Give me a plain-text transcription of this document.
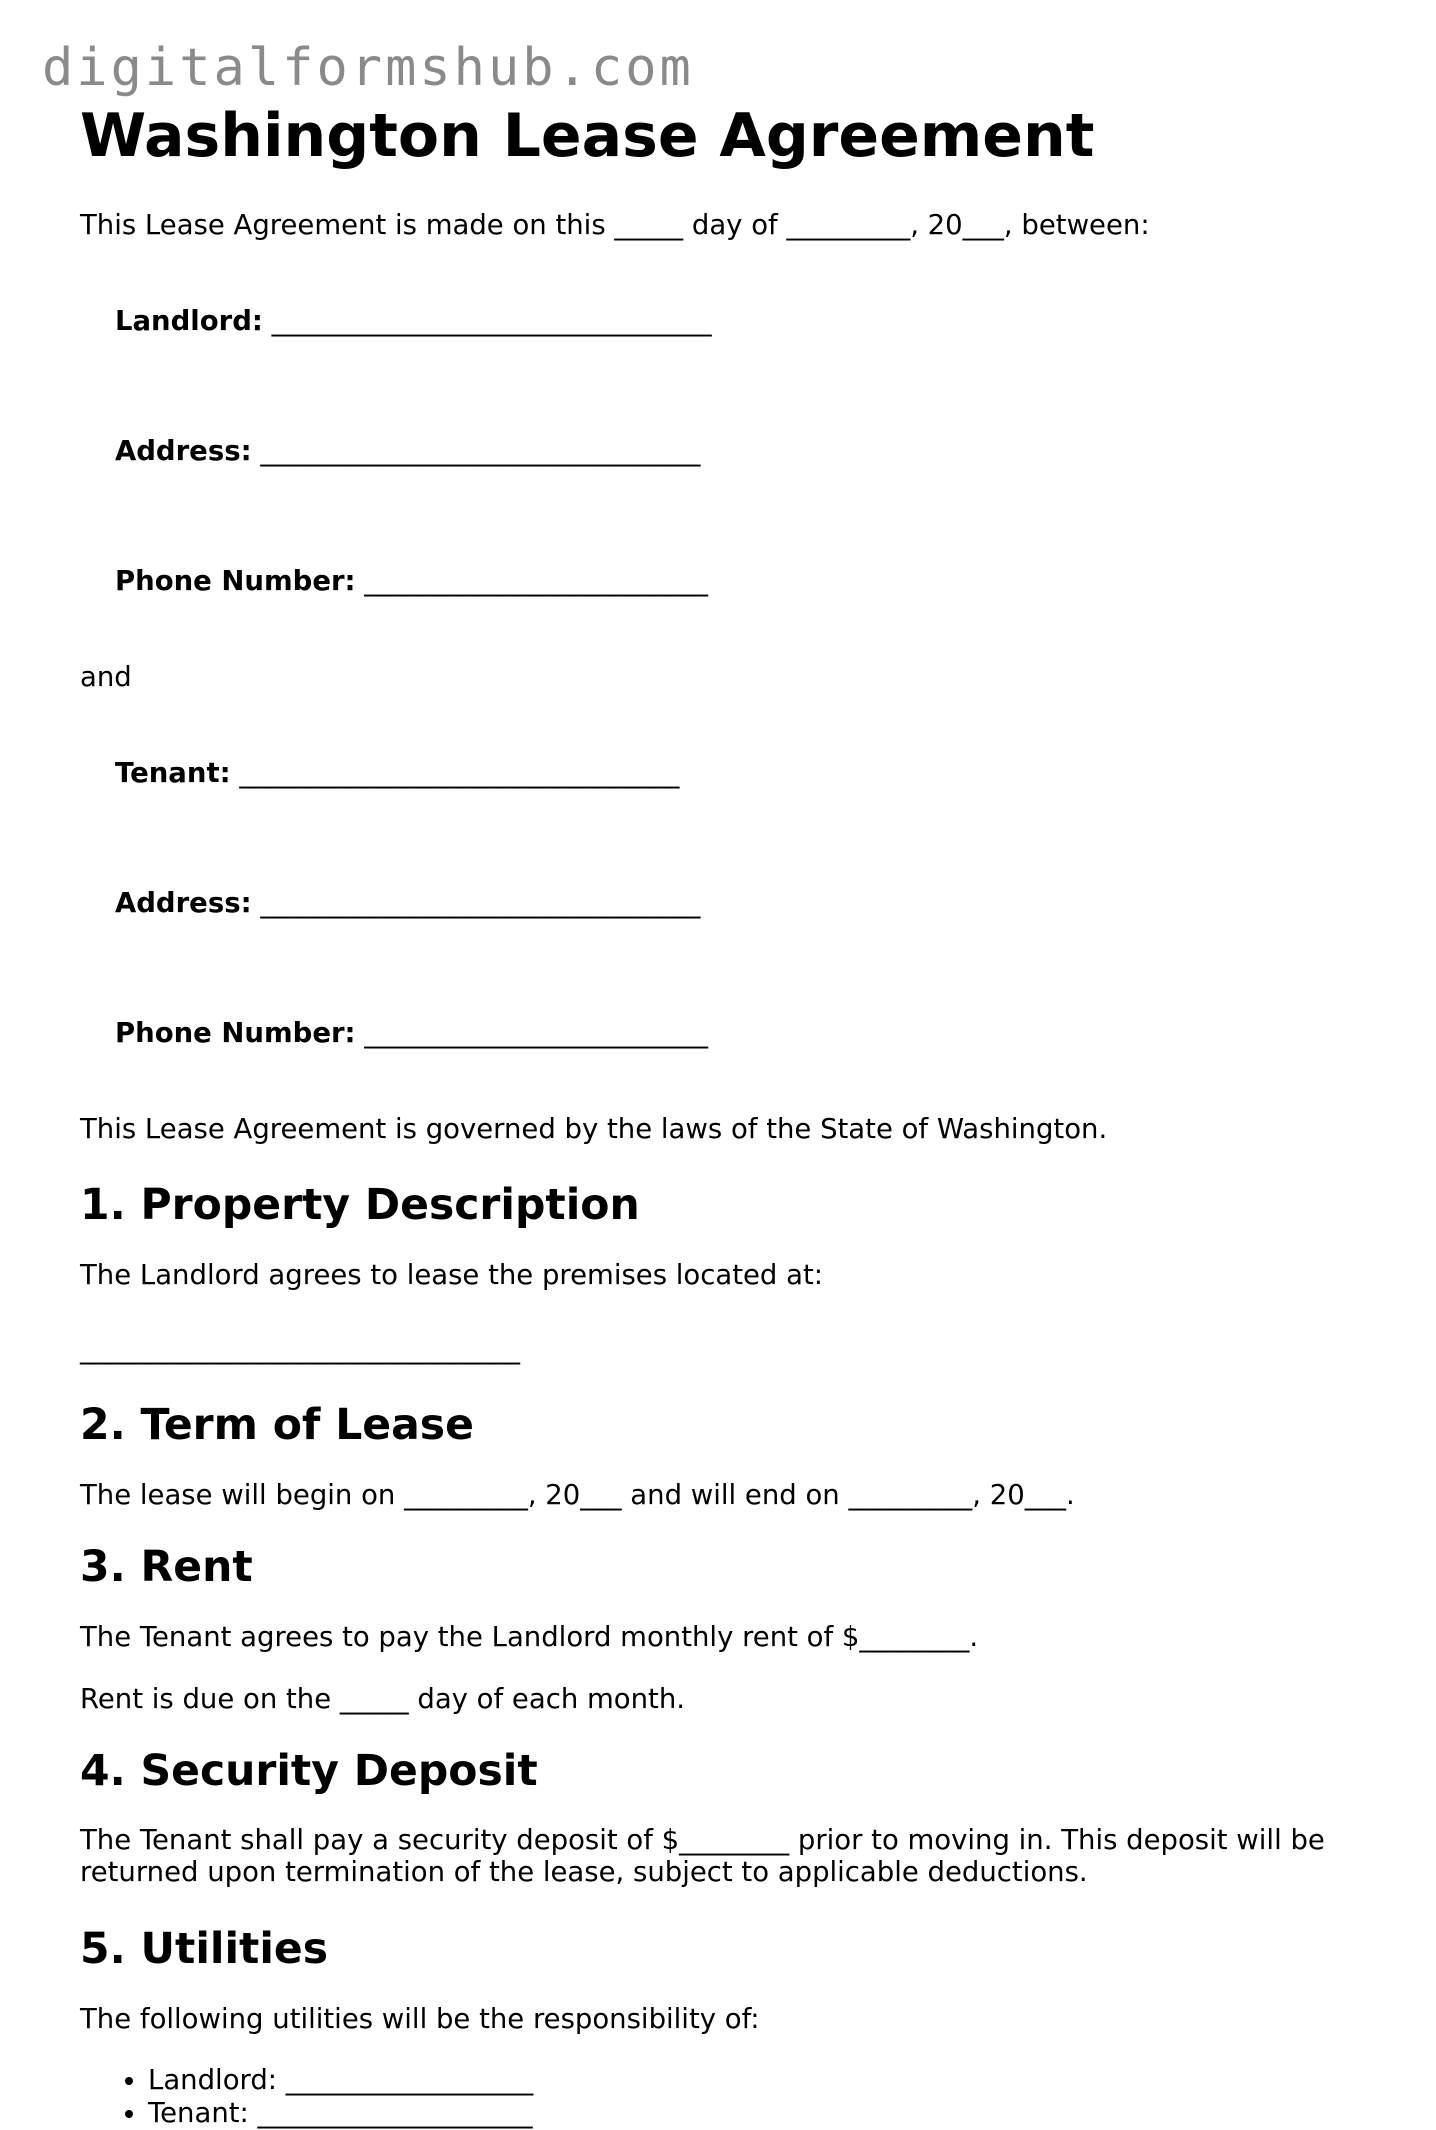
digitalformshub.com
Washington Lease Agreement

This Lease Agreement is made on this _____ day of _________, 20___, between:

Landlord: ________________________________

Address: ________________________________

Phone Number: _________________________

and

Tenant: ________________________________

Address: ________________________________

Phone Number: _________________________

This Lease Agreement is governed by the laws of the State of Washington.

1. Property Description

The Landlord agrees to lease the premises located at:

________________________________

2. Term of Lease

The lease will begin on _________, 20___ and will end on _________, 20___.

3. Rent

The Tenant agrees to pay the Landlord monthly rent of $________.

Rent is due on the _____ day of each month.

4. Security Deposit

The Tenant shall pay a security deposit of $________ prior to moving in. This deposit will be returned upon termination of the lease, subject to applicable deductions.

5. Utilities

The following utilities will be the responsibility of:

• Landlord: __________________
• Tenant: ____________________
